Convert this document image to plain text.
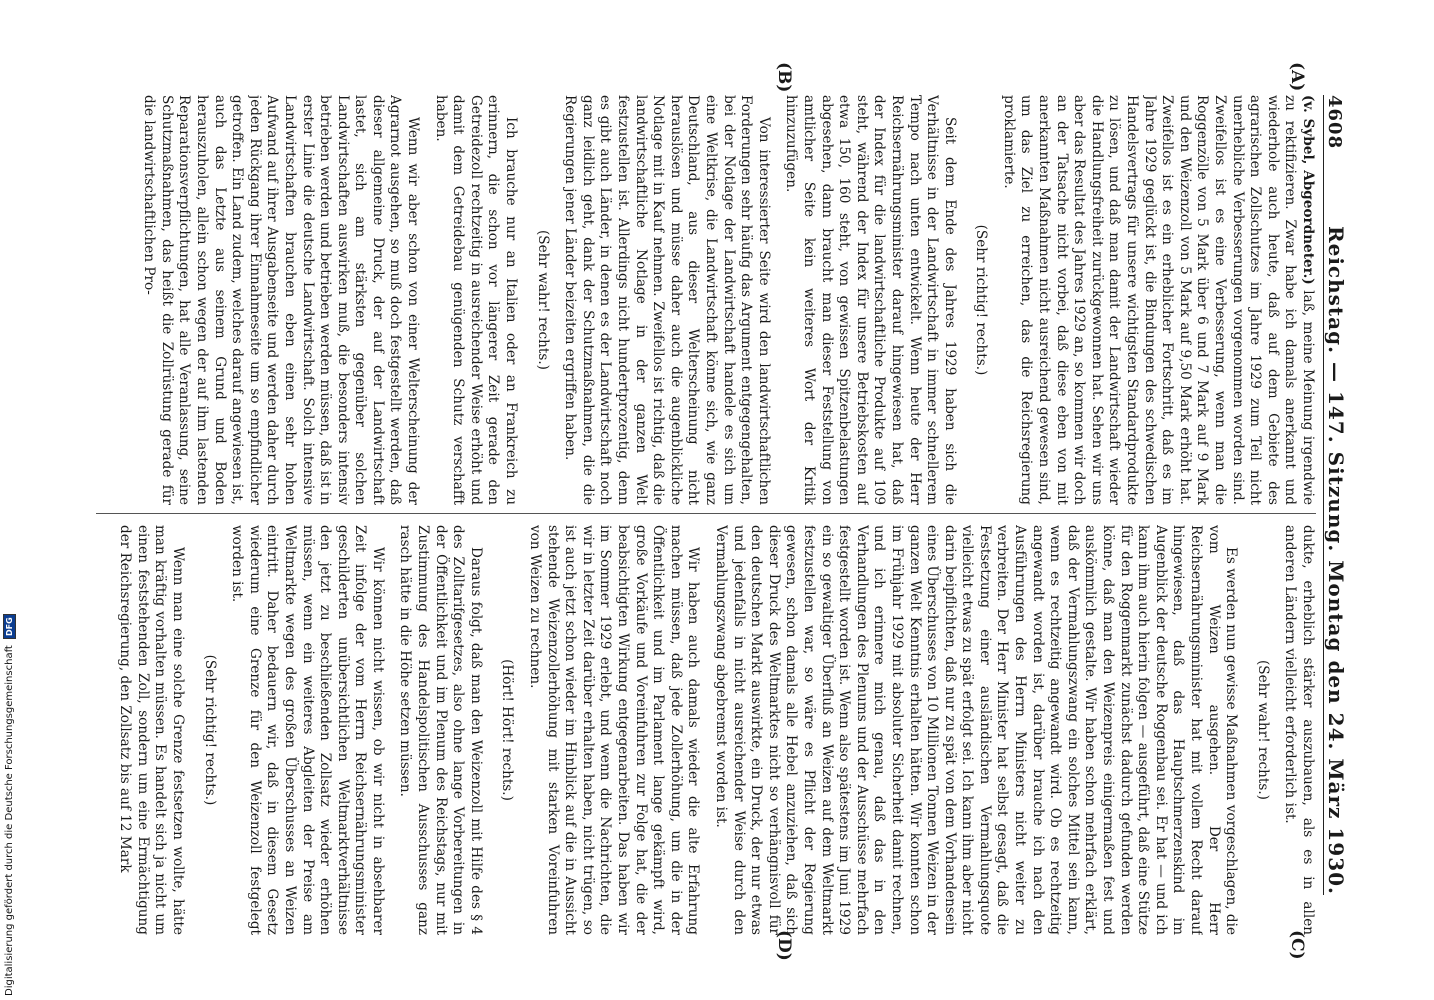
4608
Reichstag. — 147. Sitzung. Montag den 24. März 1930.
(A)
(B)
(C)
(D)

(v. Sybel, Abgeordneter.) laß, meine Meinung irgendwie zu rektifizieren. Zwar habe ich damals anerkannt und wiederhole auch heute, daß auf dem Gebiete des agrarischen Zollschutzes im Jahre 1929 zum Teil nicht unerhebliche Verbesserungen vorgenommen worden sind. Zweifellos ist es eine Verbesserung, wenn man die Roggenzölle von 5 Mark über 6 und 7 Mark auf 9 Mark und den Weizenzoll von 5 Mark auf 9,50 Mark erhöht hat. Zweifellos ist es ein erheblicher Fortschritt, daß es im Jahre 1929 geglückt ist, die Bindungen des schwedischen Handelsvertrags für unsere wichtigsten Standardprodukte zu lösen, und daß man damit der Landwirtschaft wieder die Handlungsfreiheit zurückgewonnen hat. Sehen wir uns aber das Resultat des Jahres 1929 an, so kommen wir doch an der Tatsache nicht vorbei, daß diese eben von mit anerkannten Maßnahmen nicht ausreichend gewesen sind, um das Ziel zu erreichen, das die Reichsregierung proklamierte.

(Sehr richtig! rechts.)

Seit dem Ende des Jahres 1929 haben sich die Verhältnisse in der Landwirtschaft in immer schnellerem Tempo nach unten entwickelt. Wenn heute der Herr Reichsernährungsminister darauf hingewiesen hat, daß der Index für die landwirtschaftliche Produkte auf 109 steht, während der Index für unsere Betriebskosten auf etwa 150, 160 steht, von gewissen Spitzenbelastungen abgesehen, dann braucht man dieser Feststellung von amtlicher Seite kein weiteres Wort der Kritik hinzuzufügen.

Von interessierter Seite wird den landwirtschaftlichen Forderungen sehr häufig das Argument entgegengehalten, bei der Notlage der Landwirtschaft handele es sich um eine Weltkrise, die Landwirtschaft könne sich, wie ganz Deutschland, aus dieser Welterscheinung nicht herauslösen und müsse daher auch die augenblickliche Notlage mit in Kauf nehmen. Zweifellos ist richtig, daß die landwirtschaftliche Notlage in der ganzen Welt festzustellen ist. Allerdings nicht hundertprozentig, denn es gibt auch Länder, in denen es der Landwirtschaft noch ganz leidlich geht, dank der Schutzmaßnahmen, die die Regierungen jener Länder beizeiten ergriffen haben.

(Sehr wahr! rechts.)

Ich brauche nur an Italien oder an Frankreich zu erinnern, die schon vor längerer Zeit gerade den Getreidezoll rechtzeitig in ausreichender Weise erhöht und damit dem Getreidebau genügenden Schutz verschafft haben.

Wenn wir aber schon von einer Welterscheinung der Agrarnot ausgehen, so muß doch festgestellt werden, daß dieser allgemeine Druck, der auf der Landwirtschaft lastet, sich am stärksten gegenüber solchen Landwirtschaften auswirken muß, die besonders intensiv betrieben werden und betrieben werden müssen, daß ist in erster Linie die deutsche Landwirtschaft. Solch intensive Landwirtschaften brauchen eben einen sehr hohen Aufwand auf ihrer Ausgabenseite und werden daher durch jeden Rückgang ihrer Einnahmeseite um so empfindlicher getroffen. Ein Land zudem, welches darauf angewiesen ist, auch das Letzte aus seinem Grund und Boden herauszuholen, allein schon wegen der auf ihm lastenden Reparationsverpflichtungen, hat alle Veranlassung, seine Schutzmaßnahmen, das heißt die Zollrüstung gerade für die landwirtschaftlichen Pro-

dukte, erheblich stärker auszubauen, als es in allen anderen Ländern vielleicht erforderlich ist.

(Sehr wahr! rechts.)

Es werden nun gewisse Maßnahmen vorgeschlagen, die vom Weizen ausgehen. Der Herr Reichsernährungsminister hat mit vollem Recht darauf hingewiesen, daß das Hauptschmerzenskind im Augenblick der deutsche Roggenbau sei. Er hat — und ich kann ihm auch hierin folgen — ausgeführt, daß eine Stütze für den Roggenmarkt zunächst dadurch gefunden werden könne, daß man den Weizenpreis einigermaßen fest und auskömmlich gestalte. Wir haben schon mehrfach erklärt, daß der Vermahlungszwang ein solches Mittel sein kann, wenn es rechtzeitig angewandt wird. Ob es rechtzeitig angewandt worden ist, darüber brauche ich nach den Ausführungen des Herrn Ministers nicht weiter zu verbreiten. Der Herr Minister hat selbst gesagt, daß die Festsetzung einer ausländischen Vermahlungsquote vielleicht etwas zu spät erfolgt sei. Ich kann ihm aber nicht darin beipflichten, daß nur zu spät von dem Vorhandensein eines Überschusses von 10 Millionen Tonnen Weizen in der ganzen Welt Kenntnis erhalten hätten. Wir konnten schon im Frühjahr 1929 mit absoluter Sicherheit damit rechnen, und ich erinnere mich genau, daß das in den Verhandlungen des Plenums und der Ausschüsse mehrfach festgestellt worden ist. Wenn also spätestens im Juni 1929 ein so gewaltiger Überfluß an Weizen auf dem Weltmarkt festzustellen war, so wäre es Pflicht der Regierung gewesen, schon damals alle Hebel anzuziehen, daß sich dieser Druck des Weltmarktes nicht so verhängnisvoll für den deutschen Markt auswirkte, ein Druck, der nur etwas und jedenfalls in nicht ausreichender Weise durch den Vermahlungszwang abgebremst worden ist.

Wir haben auch damals wieder die alte Erfahrung machen müssen, daß jede Zollerhöhung, um die in der Öffentlichkeit und im Parlament lange gekämpft wird, große Vorkäufe und Voreinfuhren zur Folge hat, die der beabsichtigten Wirkung entgegenarbeiten. Das haben wir im Sommer 1929 erlebt, und wenn die Nachrichten, die wir in letzter Zeit darüber erhalten haben, nicht trügen, so ist auch jetzt schon wieder im Hinblick auf die in Aussicht stehende Weizenzollerhöhung mit starken Voreinfuhren von Weizen zu rechnen.

(Hört! Hört! rechts.)

Daraus folgt, daß man den Weizenzoll mit Hilfe des § 4 des Zolltarifgesetzes, also ohne lange Vorbereitungen in der Öffentlichkeit und im Plenum des Reichstags, nur mit Zustimmung des Handelspolitischen Ausschusses ganz rasch hätte in die Höhe setzen müssen.

Wir können nicht wissen, ob wir nicht in absehbarer Zeit infolge der vom Herrn Reichsernährungsminister geschilderten unübersichtlichen Weltmarktverhältnisse den jetzt zu beschließenden Zollsatz wieder erhöhen müssen, wenn ein weiteres Abgleiten der Preise am Weltmarkte wegen des großen Überschusses an Weizen eintritt. Daher bedauern wir, daß in diesem Gesetz wiederum eine Grenze für den Weizenzoll festgelegt worden ist.

(Sehr richtig! rechts.)

Wenn man eine solche Grenze festsetzen wollte, hätte man kräftig vorhalten müssen. Es handelt sich ja nicht um einen feststehenden Zoll, sondern um eine Ermächtigung der Reichsregierung, den Zollsatz bis auf 12 Mark

Digitalisierung gefördert durch die Deutsche Forschungsgemeinschaft
DFG
